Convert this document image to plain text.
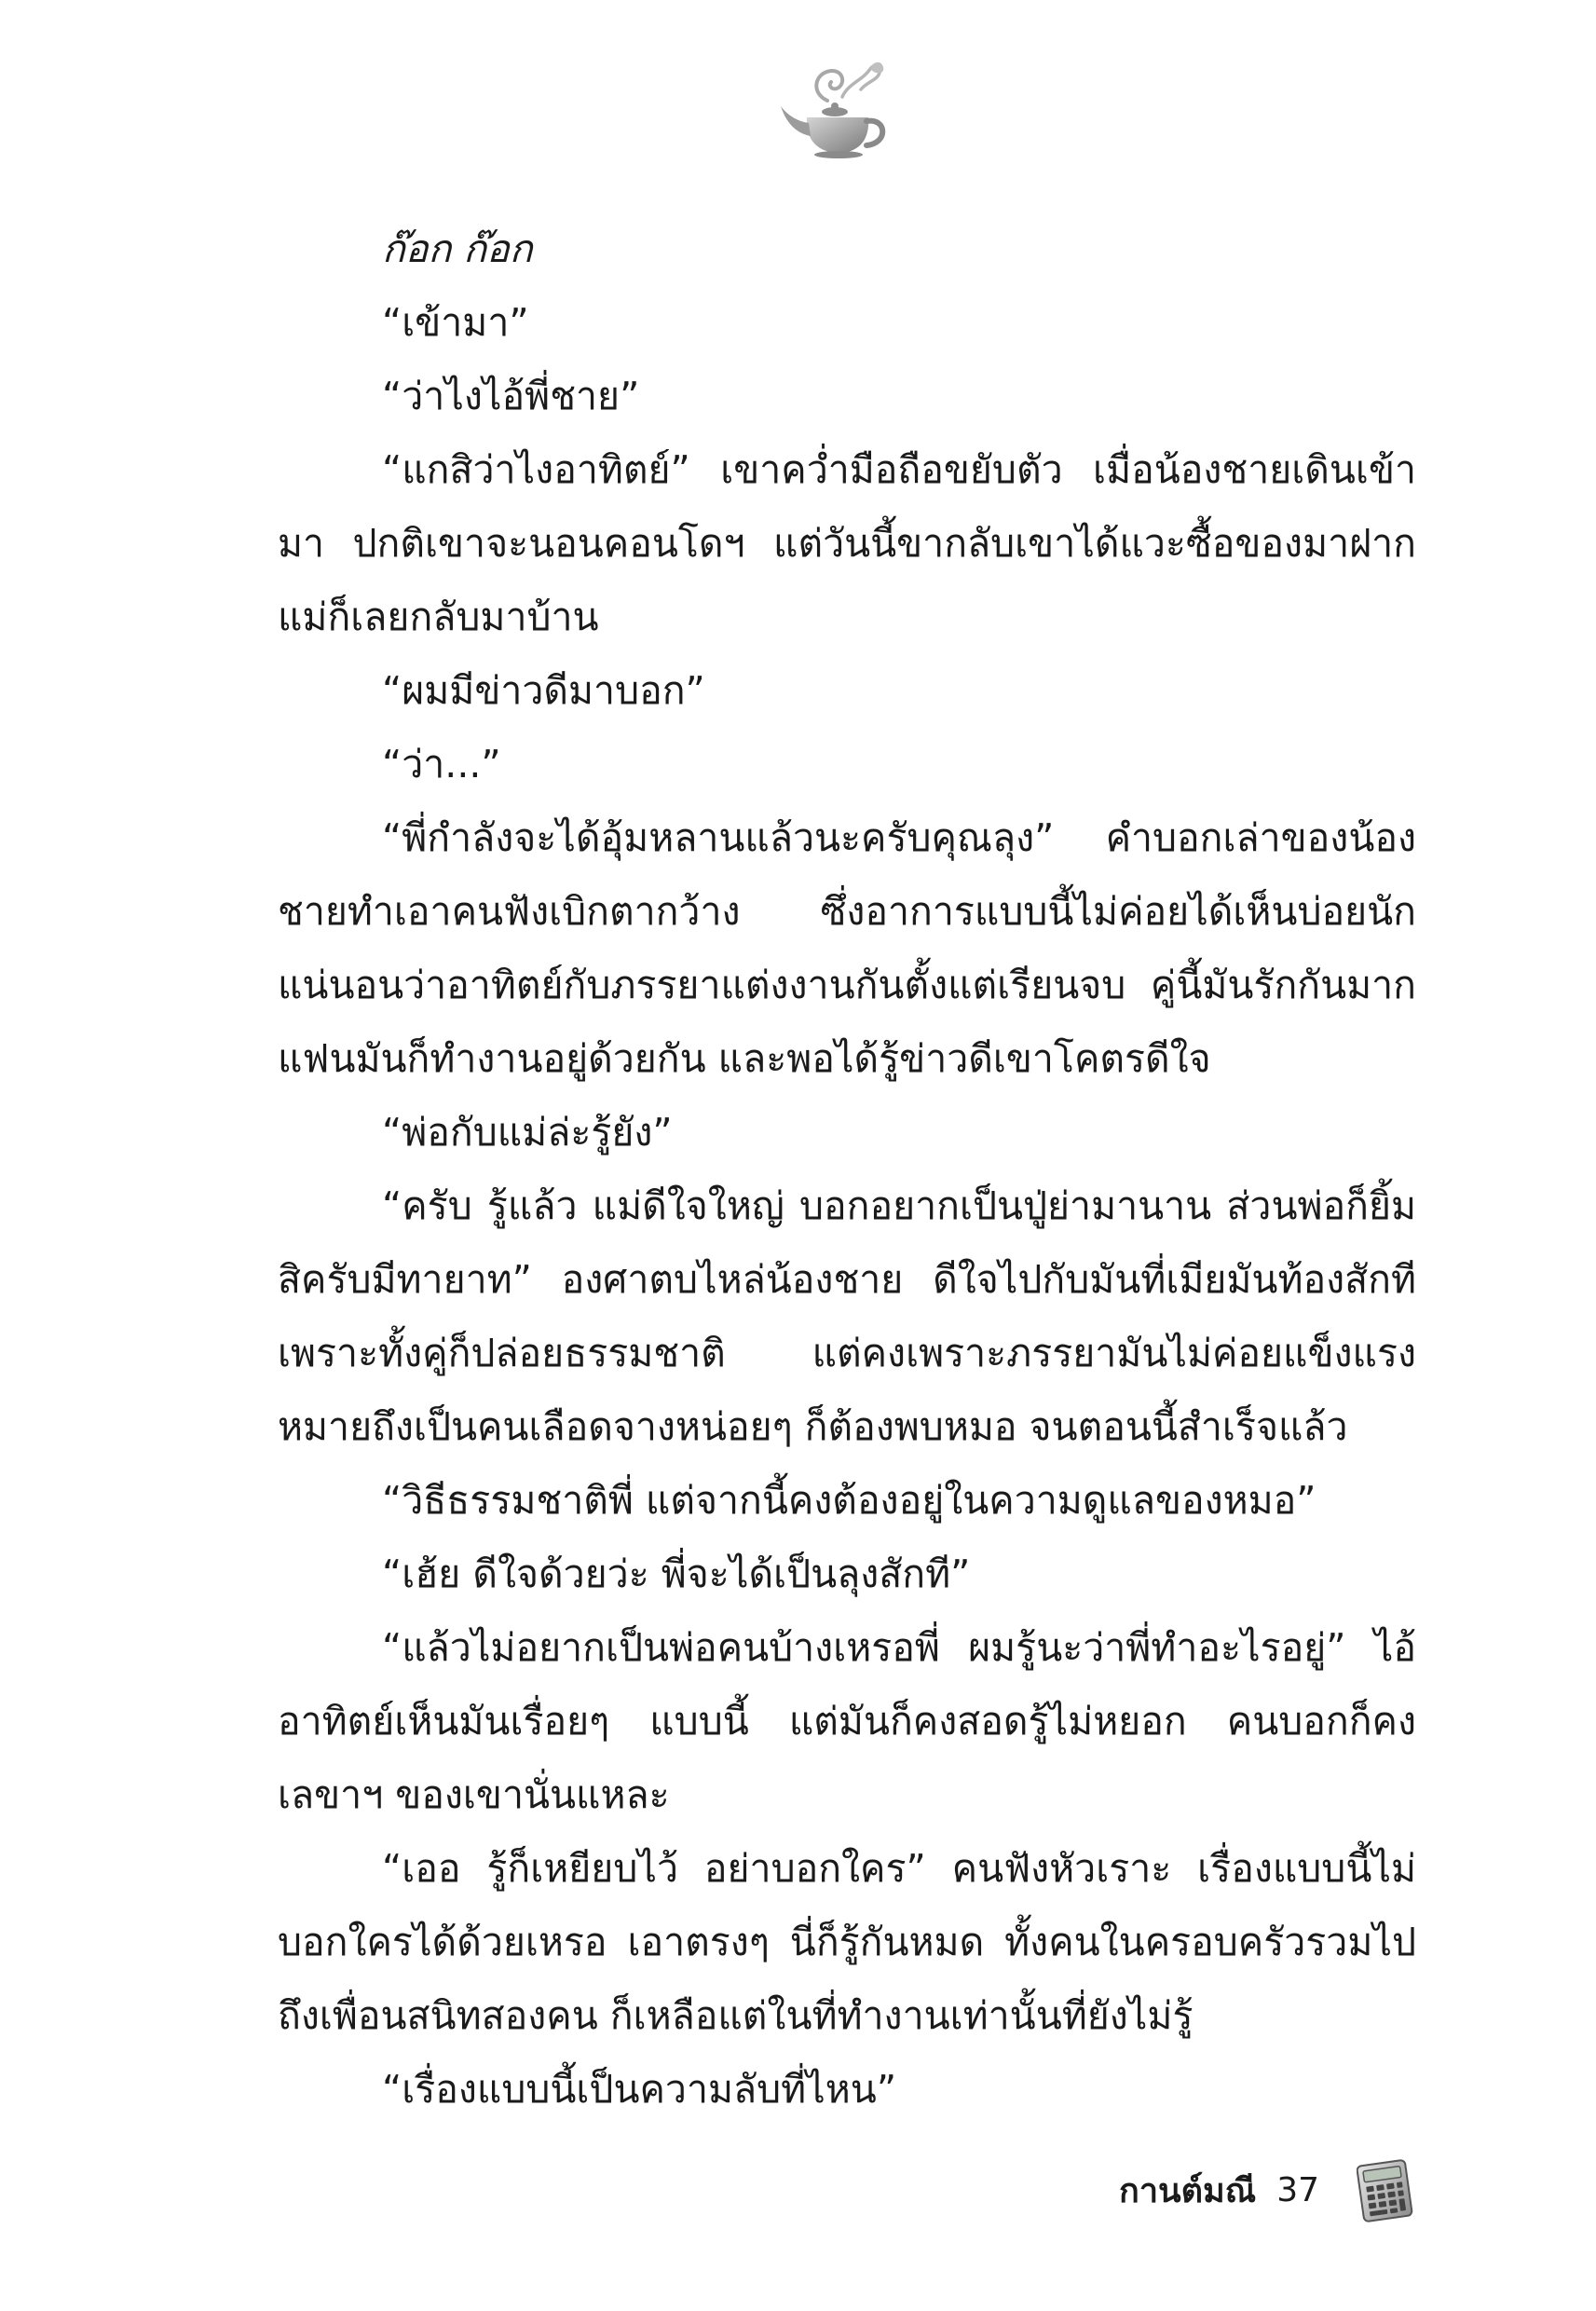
ก๊อก ก๊อก

“เข้ามา”

“ว่าไงไอ้พี่ชาย”

“แกสิว่าไงอาทิตย์” เขาคว่ำมือถือขยับตัว เมื่อน้องชายเดินเข้ามา ปกติเขาจะนอนคอนโดฯ แต่วันนี้ขากลับเขาได้แวะซื้อของมาฝากแม่ก็เลยกลับมาบ้าน

“ผมมีข่าวดีมาบอก”

“ว่า...”

“พี่กำลังจะได้อุ้มหลานแล้วนะครับคุณลุง” คำบอกเล่าของน้องชายทำเอาคนฟังเบิกตากว้าง ซึ่งอาการแบบนี้ไม่ค่อยได้เห็นบ่อยนัก แน่นอนว่าอาทิตย์กับภรรยาแต่งงานกันตั้งแต่เรียนจบ คู่นี้มันรักกันมาก แฟนมันก็ทำงานอยู่ด้วยกัน และพอได้รู้ข่าวดีเขาโคตรดีใจ

“พ่อกับแม่ล่ะรู้ยัง”

“ครับ รู้แล้ว แม่ดีใจใหญ่ บอกอยากเป็นปู่ย่ามานาน ส่วนพ่อก็ยิ้มสิครับมีทายาท” องศาตบไหล่น้องชาย ดีใจไปกับมันที่เมียมันท้องสักที เพราะทั้งคู่ก็ปล่อยธรรมชาติ แต่คงเพราะภรรยามันไม่ค่อยแข็งแรง หมายถึงเป็นคนเลือดจางหน่อยๆ ก็ต้องพบหมอ จนตอนนี้สำเร็จแล้ว

“วิธีธรรมชาติพี่ แต่จากนี้คงต้องอยู่ในความดูแลของหมอ”

“เฮ้ย ดีใจด้วยว่ะ พี่จะได้เป็นลุงสักที”

“แล้วไม่อยากเป็นพ่อคนบ้างเหรอพี่ ผมรู้นะว่าพี่ทำอะไรอยู่” ไอ้อาทิตย์เห็นมันเรื่อยๆ แบบนี้ แต่มันก็คงสอดรู้ไม่หยอก คนบอกก็คงเลขาฯ ของเขานั่นแหละ

“เออ รู้ก็เหยียบไว้ อย่าบอกใคร” คนฟังหัวเราะ เรื่องแบบนี้ไม่บอกใครได้ด้วยเหรอ เอาตรงๆ นี่ก็รู้กันหมด ทั้งคนในครอบครัวรวมไปถึงเพื่อนสนิทสองคน ก็เหลือแต่ในที่ทำงานเท่านั้นที่ยังไม่รู้

“เรื่องแบบนี้เป็นความลับที่ไหน”

กานต์มณี 37
